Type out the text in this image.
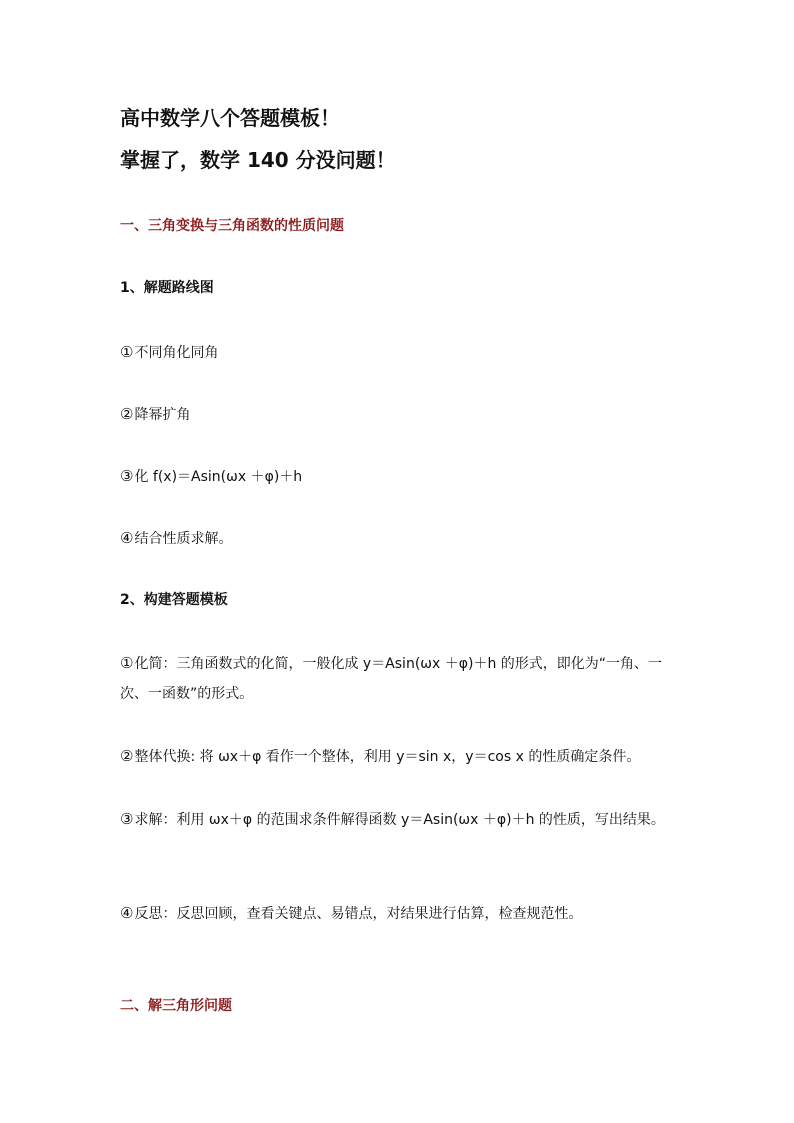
高中数学八个答题模板！
掌握了，数学 140 分没问题！
一、三角变换与三角函数的性质问题
1、解题路线图
①不同角化同角
②降幂扩角
③化 f(x)＝Asin(ωx ＋φ)＋h
④结合性质求解。
2、构建答题模板
①化简：三角函数式的化简，一般化成 y＝Asin(ωx ＋φ)＋h 的形式，即化为“一角、一次、一函数”的形式。
②整体代换: 将 ωx＋φ 看作一个整体，利用 y＝sin x，y＝cos x 的性质确定条件。
③求解：利用 ωx＋φ 的范围求条件解得函数 y＝Asin(ωx ＋φ)＋h 的性质，写出结果。
④反思：反思回顾，查看关键点、易错点，对结果进行估算，检查规范性。
二、解三角形问题
